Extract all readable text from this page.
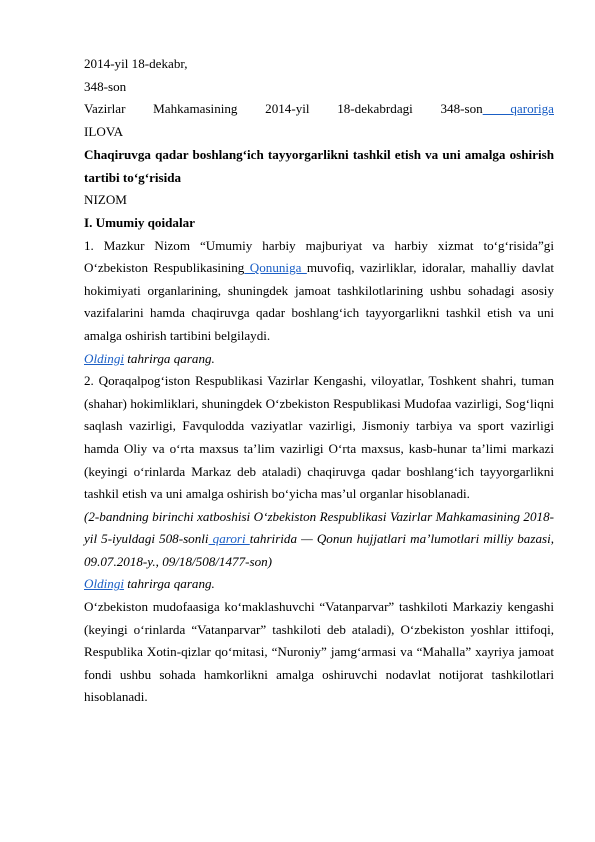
2014-yil 18-dekabr,

348-son

Vazirlar Mahkamasining 2014-yil 18-dekabrdagi 348-son qaroriga

ILOVA

Chaqiruvga qadar boshlang‘ich tayyorgarlikni tashkil etish va uni amalga oshirish tartibi to‘g‘risida

NIZOM

I. Umumiy qoidalar

1. Mazkur Nizom “Umumiy harbiy majburiyat va harbiy xizmat to‘g‘risida”gi O‘zbekiston Respublikasining Qonuniga muvofiq, vazirliklar, idoralar, mahalliy davlat hokimiyati organlarining, shuningdek jamoat tashkilotlarining ushbu sohadagi asosiy vazifalarini hamda chaqiruvga qadar boshlang‘ich tayyorgarlikni tashkil etish va uni amalga oshirish tartibini belgilaydi.

Oldingi tahrirga qarang.

2. Qoraqalpog‘iston Respublikasi Vazirlar Kengashi, viloyatlar, Toshkent shahri, tuman (shahar) hokimliklari, shuningdek O‘zbekiston Respublikasi Mudofaa vazirligi, Sog‘liqni saqlash vazirligi, Favqulodda vaziyatlar vazirligi, Jismoniy tarbiya va sport vazirligi hamda Oliy va o‘rta maxsus ta’lim vazirligi O‘rta maxsus, kasb-hunar ta’limi markazi (keyingi o‘rinlarda Markaz deb ataladi) chaqiruvga qadar boshlang‘ich tayyorgarlikni tashkil etish va uni amalga oshirish bo‘yicha mas’ul organlar hisoblanadi.

(2-bandning birinchi xatboshisi O‘zbekiston Respublikasi Vazirlar Mahkamasining 2018-yil 5-iyuldagi 508-sonli qarori tahririda — Qonun hujjatlari ma’lumotlari milliy bazasi, 09.07.2018-y., 09/18/508/1477-son)

Oldingi tahrirga qarang.

O‘zbekiston mudofaasiga ko‘maklashuvchi “Vatanparvar” tashkiloti Markaziy kengashi (keyingi o‘rinlarda “Vatanparvar” tashkiloti deb ataladi), O‘zbekiston yoshlar ittifoqi, Respublika Xotin-qizlar qo‘mitasi, “Nuroniy” jamg‘armasi va “Mahalla” xayriya jamoat fondi ushbu sohada hamkorlikni amalga oshiruvchi nodavlat notijorat tashkilotlari hisoblanadi.
